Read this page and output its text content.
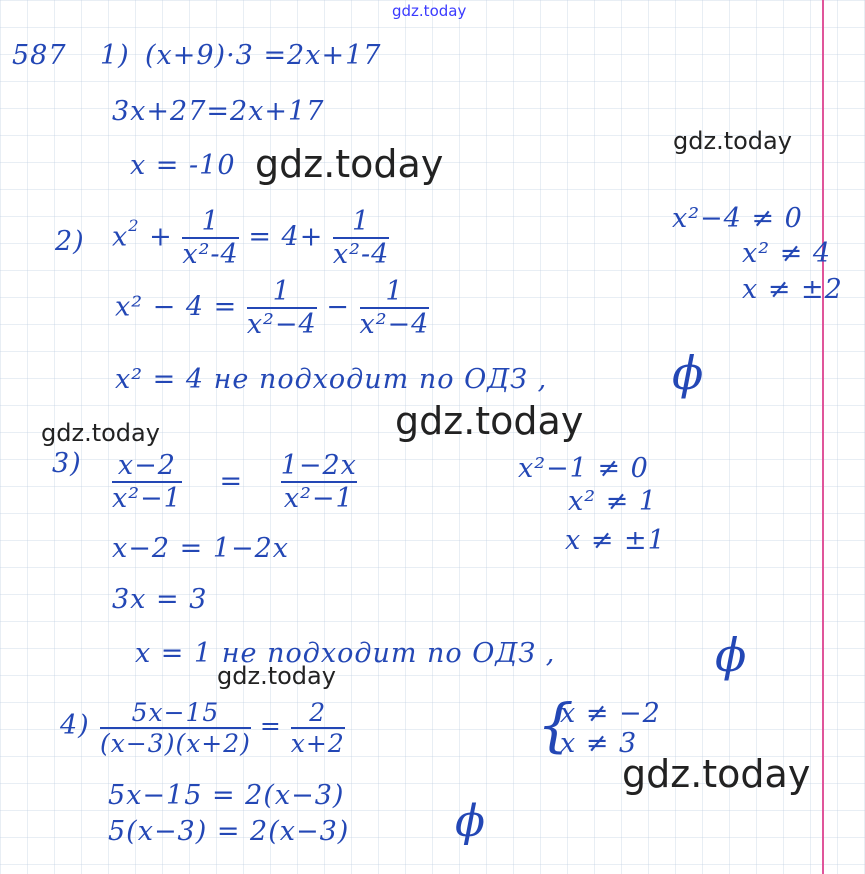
gdz.today
gdz.today
gdz.today
gdz.today
gdz.today
gdz.today
gdz.today
587 1) (x+9)·3 =2x+17
3x+27=2x+17
x = -10
2) $x^2 + \frac{1}{\text{x²-4}} = 4+ \frac{1}{\text{x²-4}}$
$x^2 - 4 = \frac{1}{\text{x²−4}} - \frac{1}{\text{x²−4}}$
x² = 4 не подходит по ОДЗ ,	ϕ
x²−4 ≠ 0
x² ≠ 4
x ≠ ±2
$3) \frac{x-2}{\text{x²−1}} = \frac{1-2x}{\text{x²−1}}$
x−2 = 1−2x
3x = 3
x = 1 не подходит по ОДЗ ,	ϕ
x²−1 ≠ 0
x² ≠ 1
x ≠ ±1
$4) \frac{5x-15}{(x-3)(x+2)} = \frac{2}{x+2}$
5x−15 = 2(x−3)
5(x−3) = 2(x−3) ϕ
{
x ≠ −2
x ≠ 3
